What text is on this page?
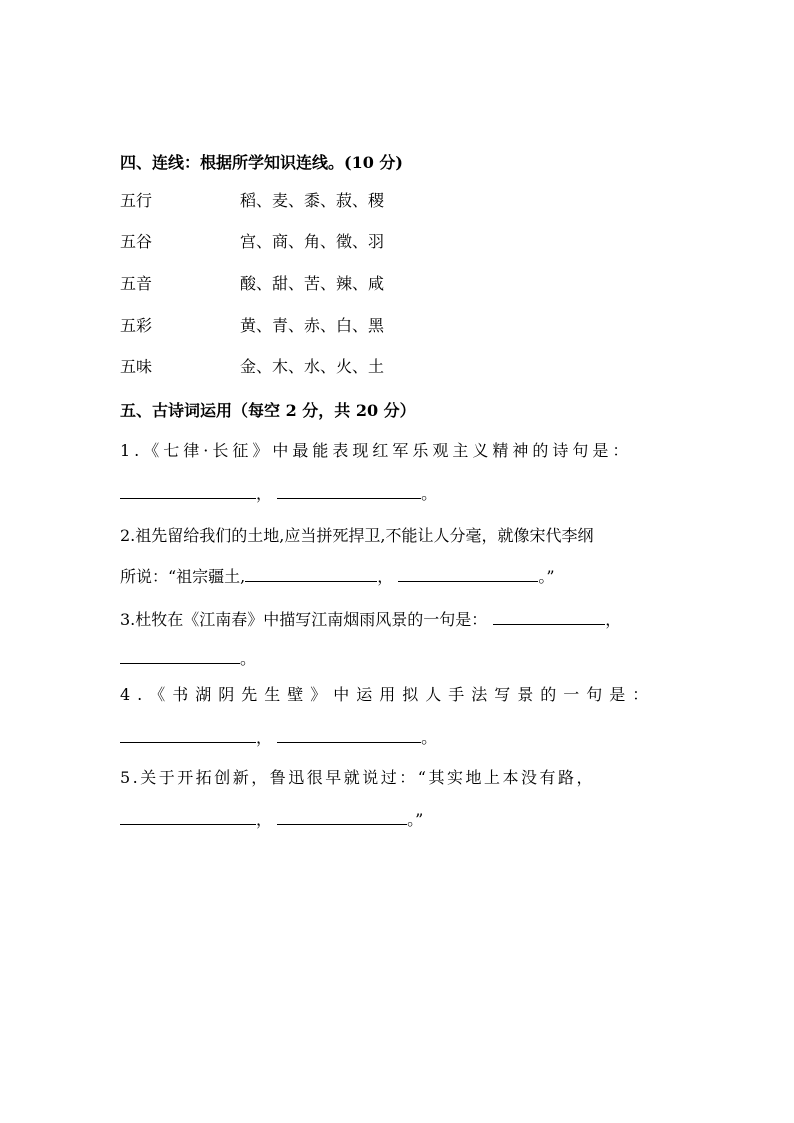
四、连线：根据所学知识连线。(10 分)
五行	稻、麦、黍、菽、稷
五谷	宫、商、角、徵、羽
五音	酸、甜、苦、辣、咸
五彩	黄、青、赤、白、黑
五味	金、木、水、火、土
五、古诗词运用（每空 2 分，共 20 分）
1.《七律·长征》中最能表现红军乐观主义精神的诗句是：
，	。
2.祖先留给我们的土地,应当拼死捍卫,不能让人分毫，就像宋代李纲
所说：“祖宗疆土,	，	。”
3.杜牧在《江南春》中描写江南烟雨风景的一句是：	，
。
4.《书湖阴先生壁》中运用拟人手法写景的一句是：
，	。
5.关于开拓创新，鲁迅很早就说过：“其实地上本没有路，
，	。”
